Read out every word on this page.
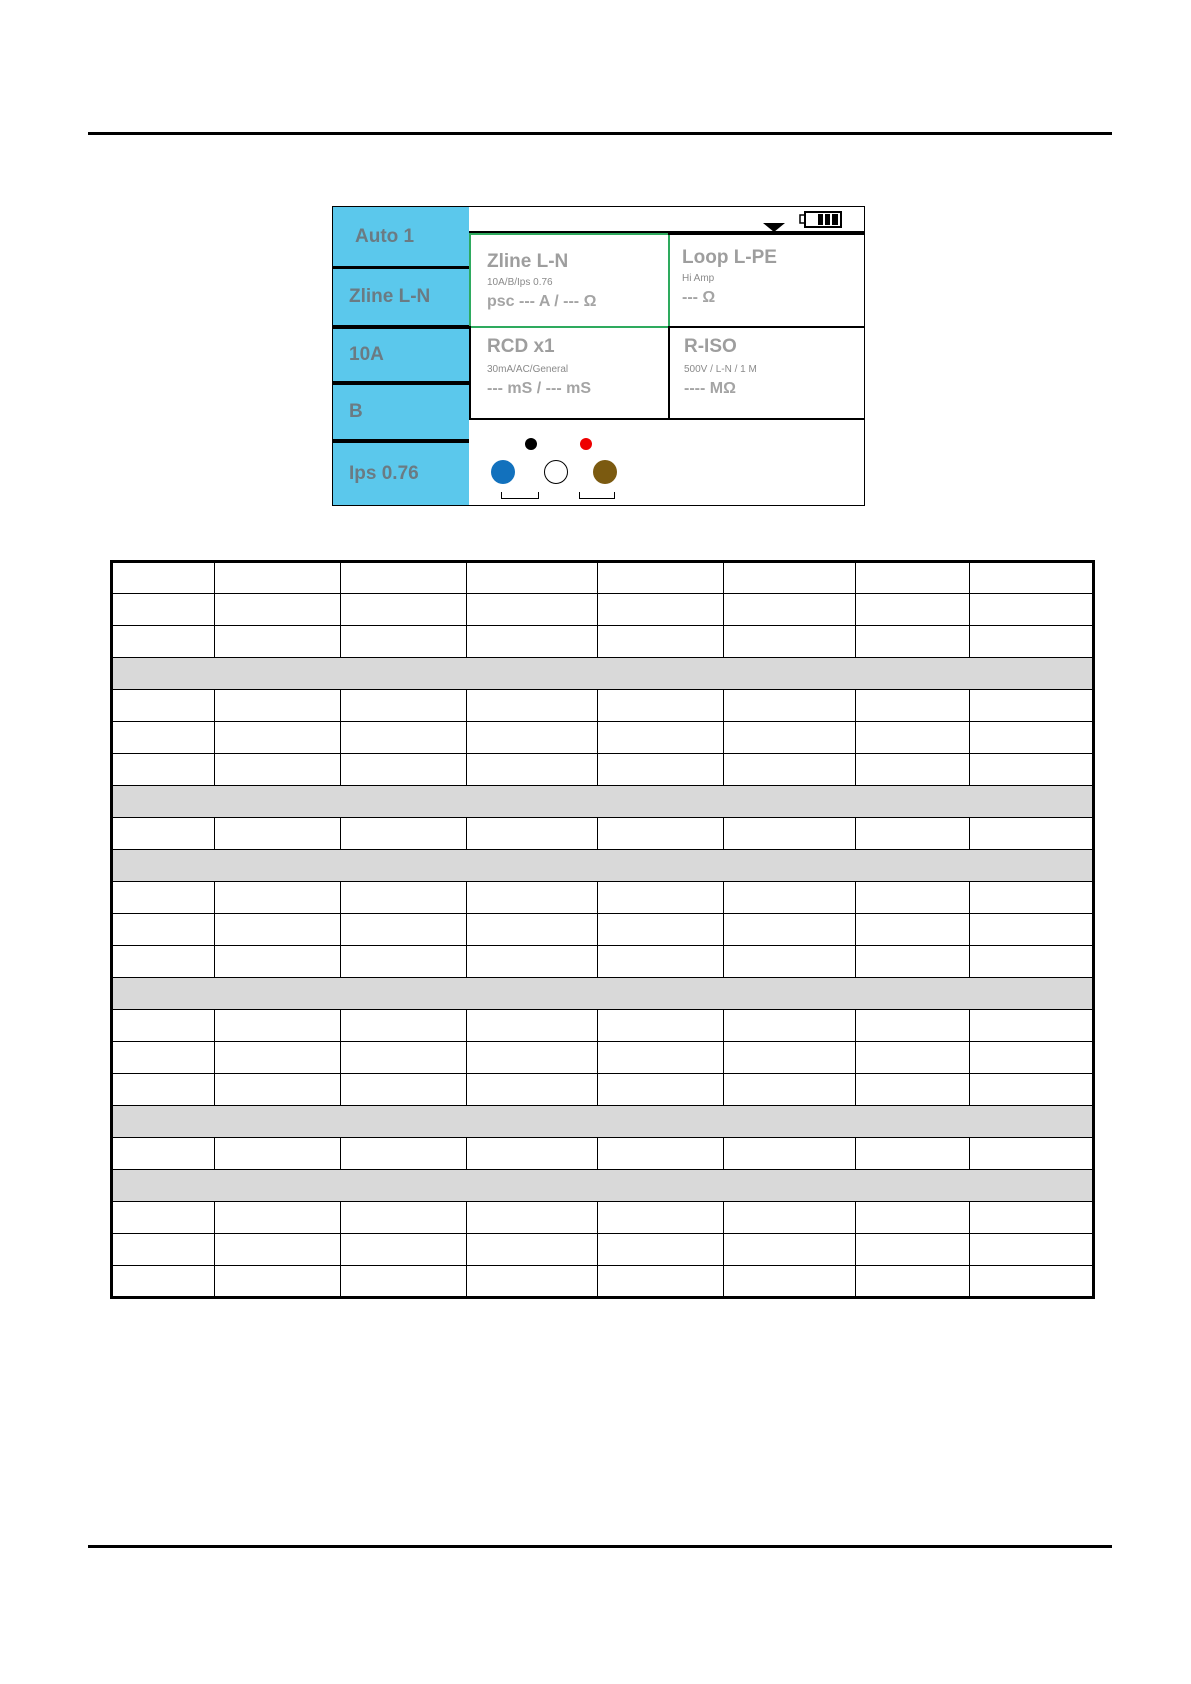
Auto 1
Zline L-N
10A
B
Ips 0.76
Zline L-N
10A/B/Ips 0.76
psc --- A / --- Ω
Loop L-PE
Hi Amp
--- Ω
RCD x1
30mA/AC/General
--- mS / --- mS
R-ISO
500V / L-N / 1 M
---- MΩ
